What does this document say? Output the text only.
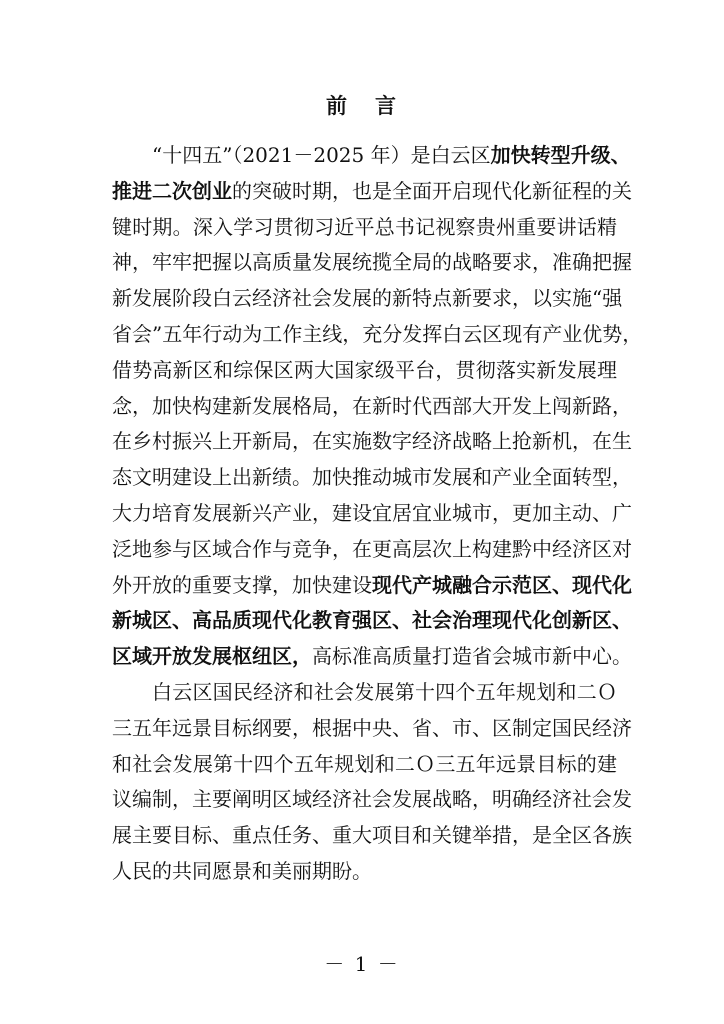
前 言
“十四五”（2021－2025 年）是白云区加快转型升级、
推进二次创业的突破时期，也是全面开启现代化新征程的关
键时期。深入学习贯彻习近平总书记视察贵州重要讲话精
神，牢牢把握以高质量发展统揽全局的战略要求，准确把握
新发展阶段白云经济社会发展的新特点新要求，以实施“强
省会”五年行动为工作主线，充分发挥白云区现有产业优势，
借势高新区和综保区两大国家级平台，贯彻落实新发展理
念，加快构建新发展格局，在新时代西部大开发上闯新路，
在乡村振兴上开新局，在实施数字经济战略上抢新机，在生
态文明建设上出新绩。加快推动城市发展和产业全面转型，
大力培育发展新兴产业，建设宜居宜业城市，更加主动、广
泛地参与区域合作与竞争，在更高层次上构建黔中经济区对
外开放的重要支撑，加快建设现代产城融合示范区、现代化
新城区、高品质现代化教育强区、社会治理现代化创新区、
区域开放发展枢纽区，高标准高质量打造省会城市新中心。
白云区国民经济和社会发展第十四个五年规划和二Ｏ
三五年远景目标纲要，根据中央、省、市、区制定国民经济
和社会发展第十四个五年规划和二Ｏ三五年远景目标的建
议编制，主要阐明区域经济社会发展战略，明确经济社会发
展主要目标、重点任务、重大项目和关键举措，是全区各族
人民的共同愿景和美丽期盼。
－ 1 －
